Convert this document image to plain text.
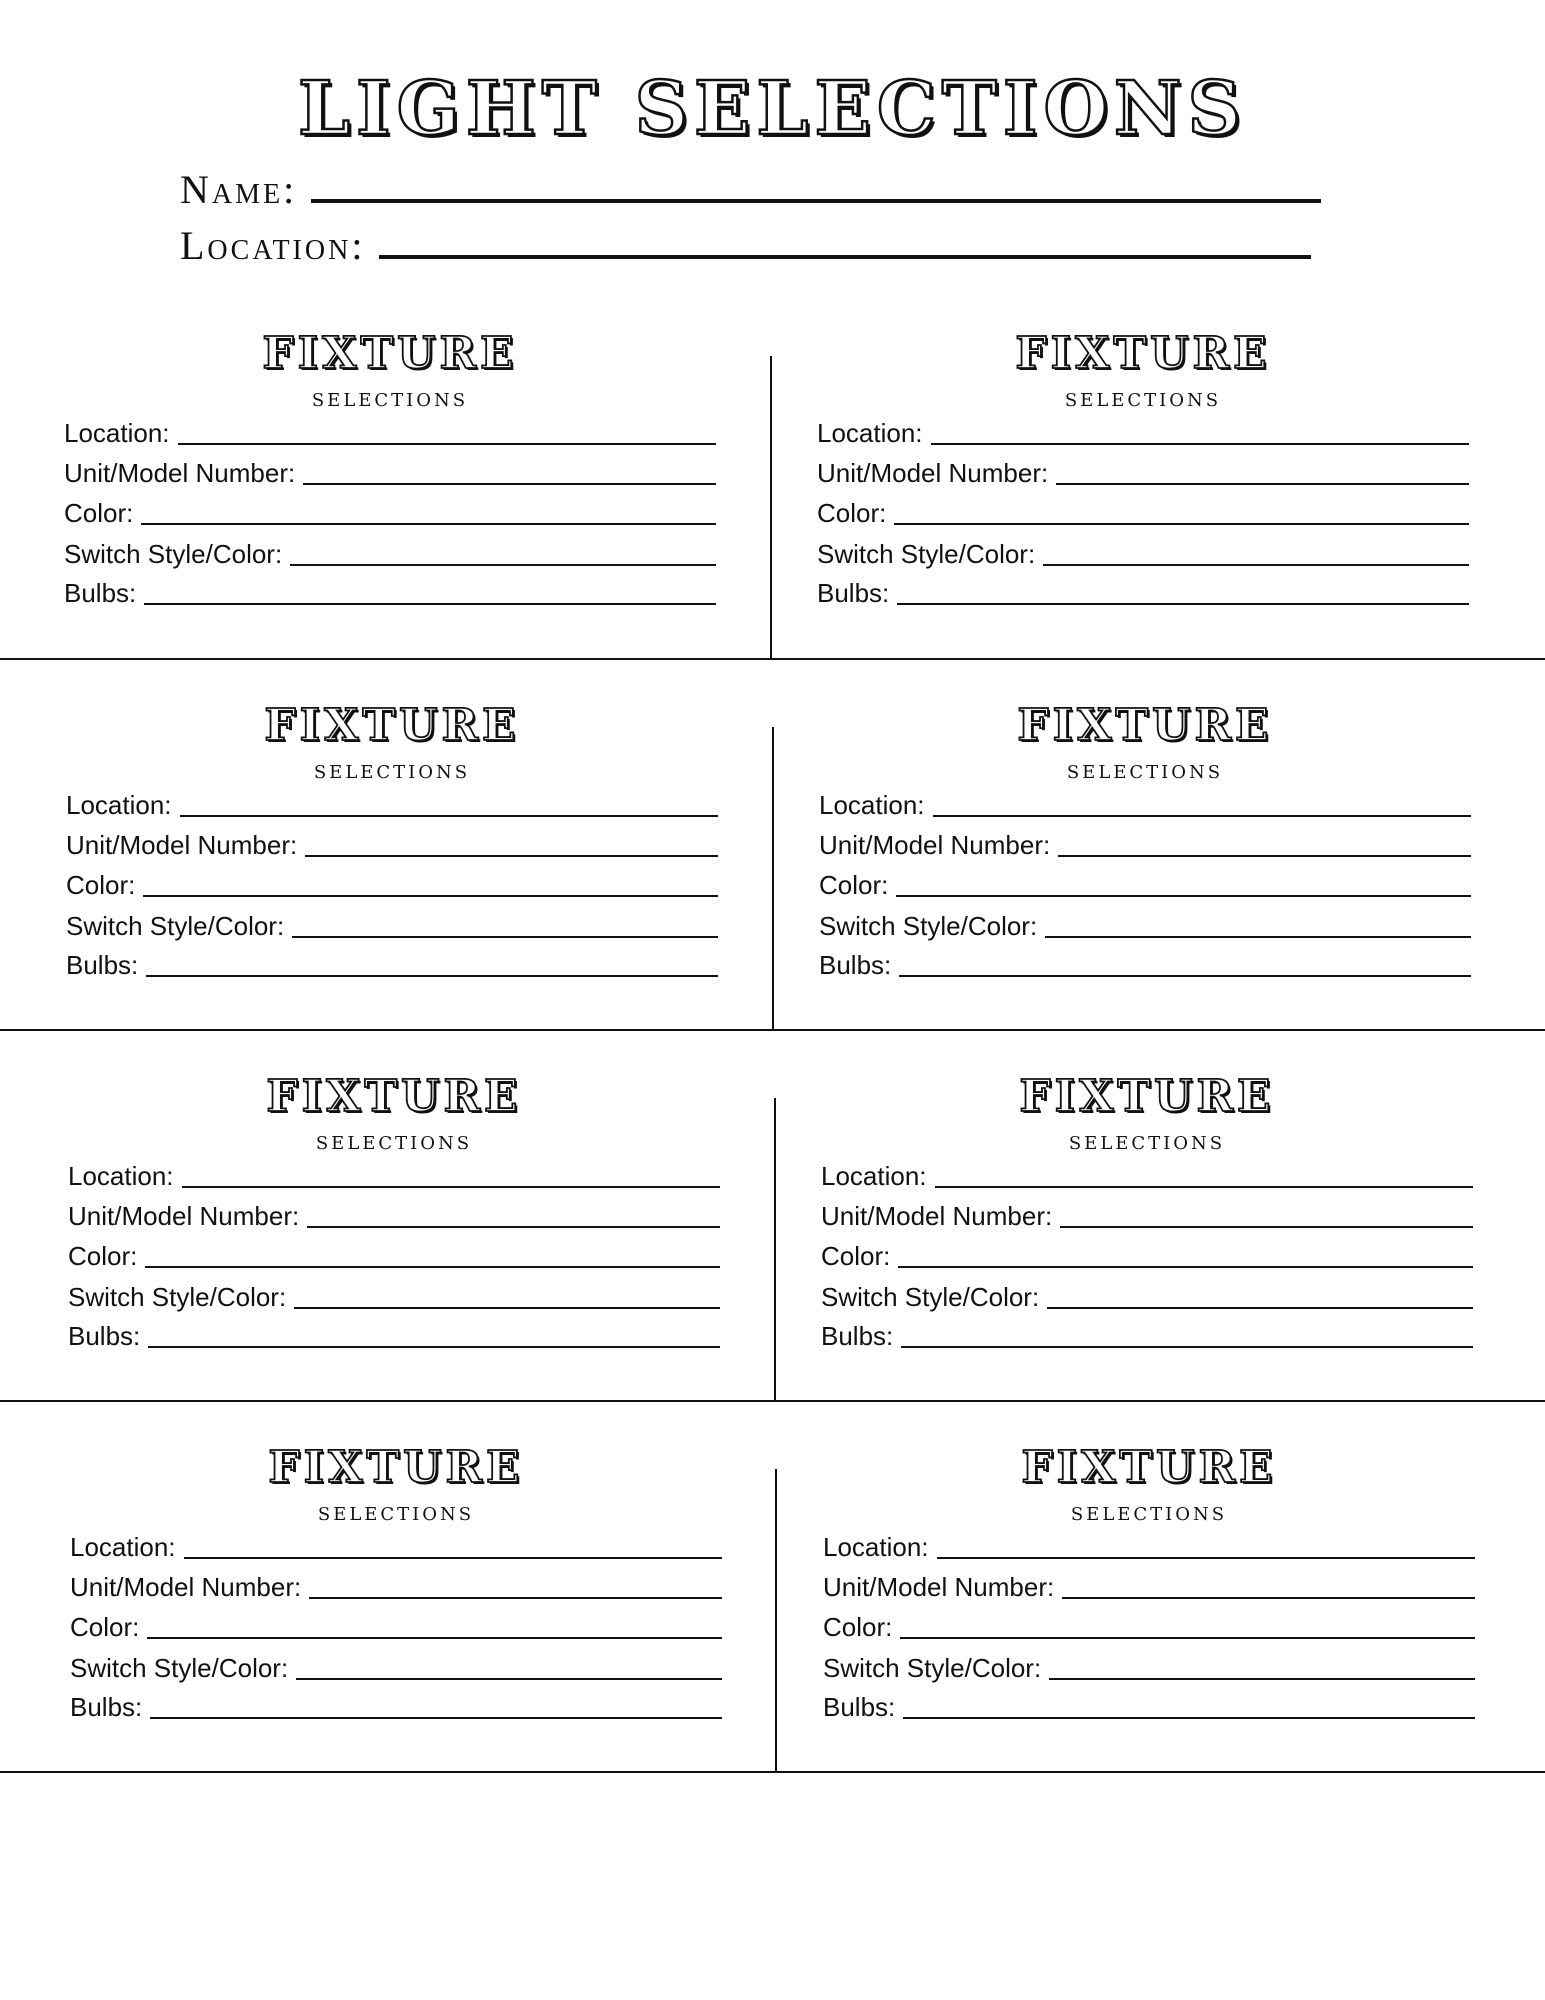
LIGHT SELECTIONS
Name:
Location:
FIXTURE
SELECTIONS
Location:
Unit/Model Number:
Color:
Switch Style/Color:
Bulbs:
FIXTURE
SELECTIONS
Location:
Unit/Model Number:
Color:
Switch Style/Color:
Bulbs:
FIXTURE
SELECTIONS
Location:
Unit/Model Number:
Color:
Switch Style/Color:
Bulbs:
FIXTURE
SELECTIONS
Location:
Unit/Model Number:
Color:
Switch Style/Color:
Bulbs:
FIXTURE
SELECTIONS
Location:
Unit/Model Number:
Color:
Switch Style/Color:
Bulbs:
FIXTURE
SELECTIONS
Location:
Unit/Model Number:
Color:
Switch Style/Color:
Bulbs:
FIXTURE
SELECTIONS
Location:
Unit/Model Number:
Color:
Switch Style/Color:
Bulbs:
FIXTURE
SELECTIONS
Location:
Unit/Model Number:
Color:
Switch Style/Color:
Bulbs:
